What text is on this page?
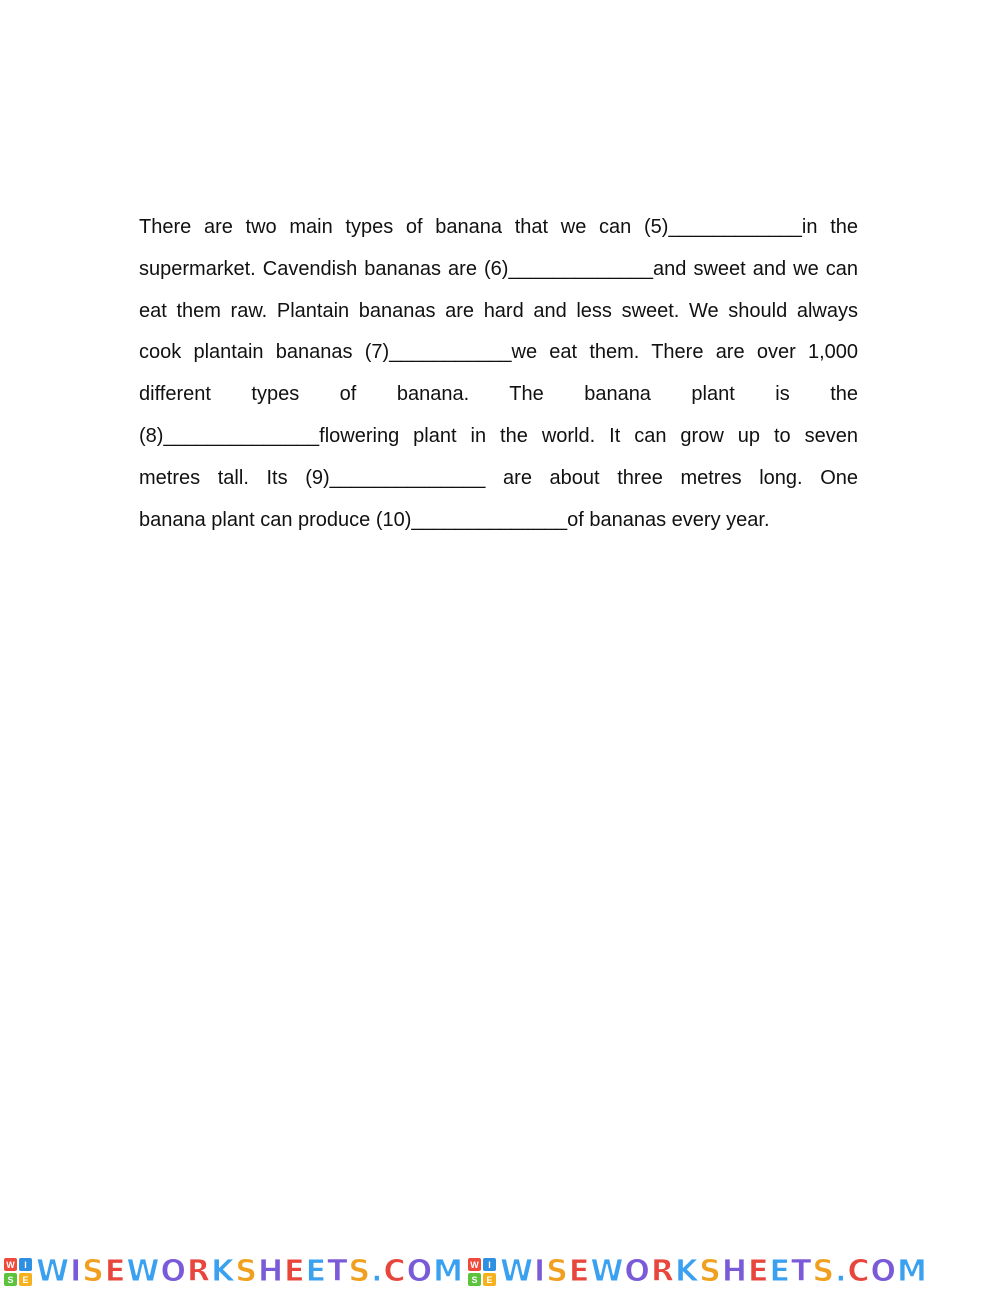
There are two main types of banana that we can (5)____________in the
supermarket. Cavendish bananas are (6)_____________and sweet and we can
eat them raw. Plantain bananas are hard and less sweet. We should always
cook plantain bananas (7)___________we eat them. There are over 1,000
different types of banana. The banana plant is the
(8)______________flowering plant in the world. It can grow up to seven
metres tall. Its (9)______________ are about three metres long. One
banana plant can produce (10)______________of bananas every year.
W	I
S E WISEWORKSHEETS.COM W	I
S E WISEWORKSHEETS.COM
